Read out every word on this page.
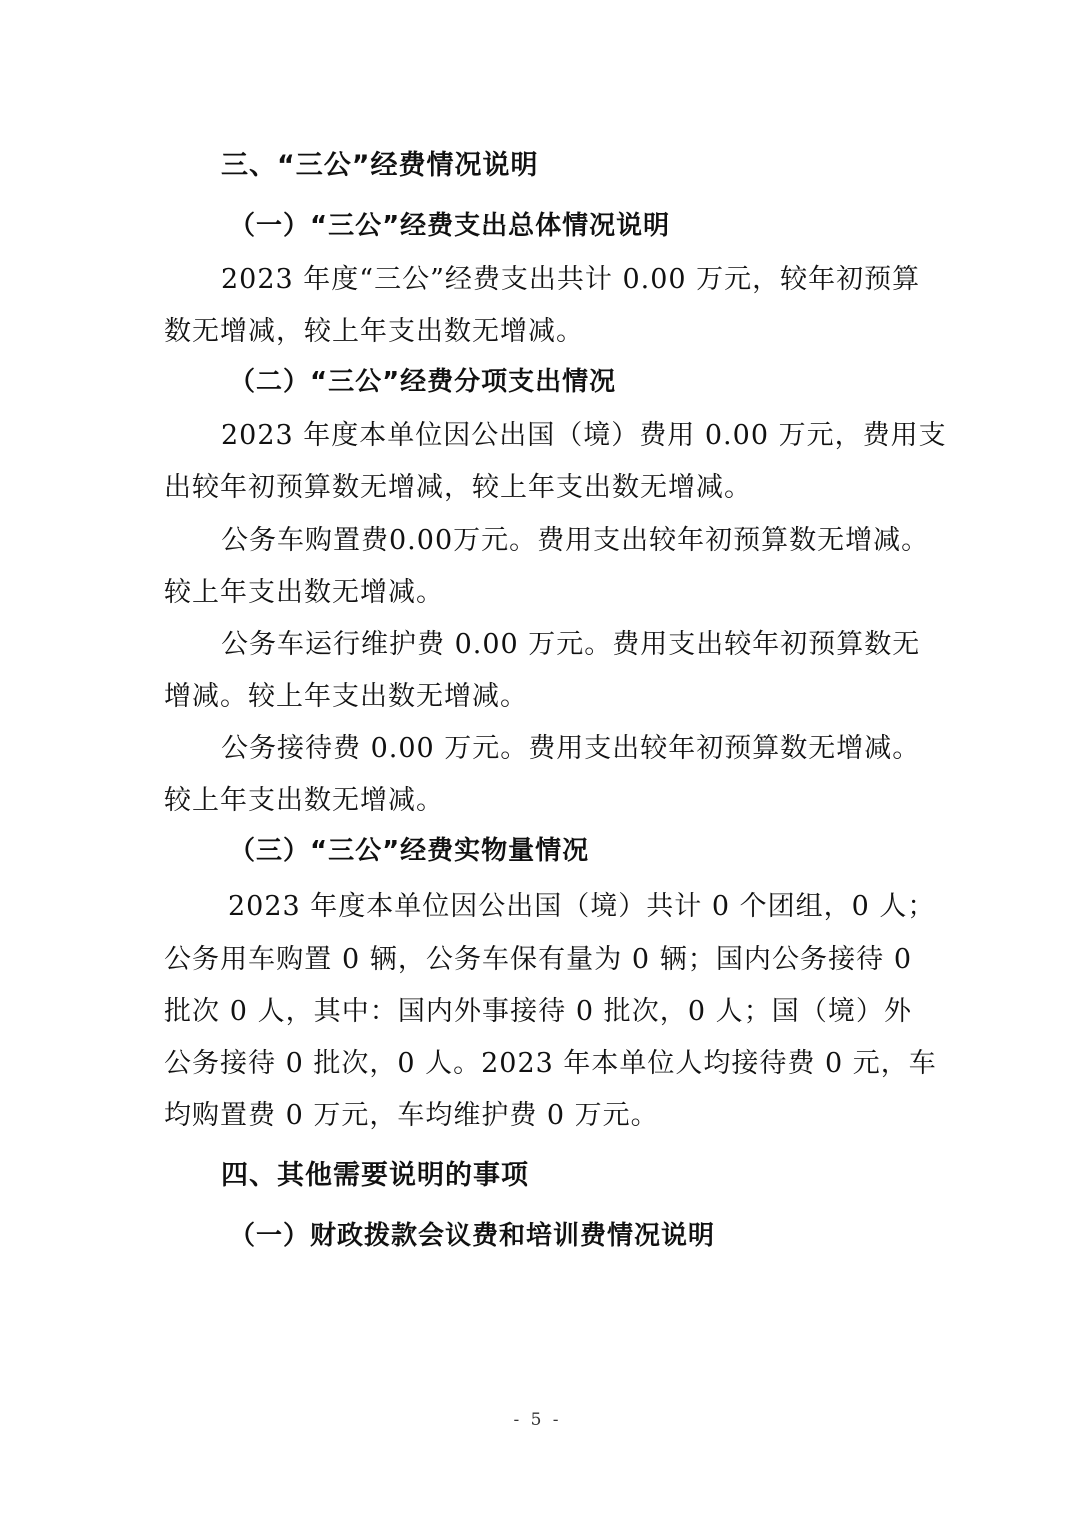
三、“三公”经费情况说明
（一）“三公”经费支出总体情况说明
2023 年度“三公”经费支出共计 0.00 万元，较年初预算
数无增减，较上年支出数无增减。
（二）“三公”经费分项支出情况
2023 年度本单位因公出国（境）费用 0.00 万元，费用支
出较年初预算数无增减，较上年支出数无增减。
公务车购置费0.00万元。费用支出较年初预算数无增减。
较上年支出数无增减。
公务车运行维护费 0.00 万元。费用支出较年初预算数无
增减。较上年支出数无增减。
公务接待费 0.00 万元。费用支出较年初预算数无增减。
较上年支出数无增减。
（三）“三公”经费实物量情况
2023 年度本单位因公出国（境）共计 0 个团组，0 人；
公务用车购置 0 辆，公务车保有量为 0 辆；国内公务接待 0
批次 0 人，其中：国内外事接待 0 批次，0 人；国（境）外
公务接待 0 批次，0 人。2023 年本单位人均接待费 0 元，车
均购置费 0 万元，车均维护费 0 万元。
四、其他需要说明的事项
（一）财政拨款会议费和培训费情况说明
- 5 -
